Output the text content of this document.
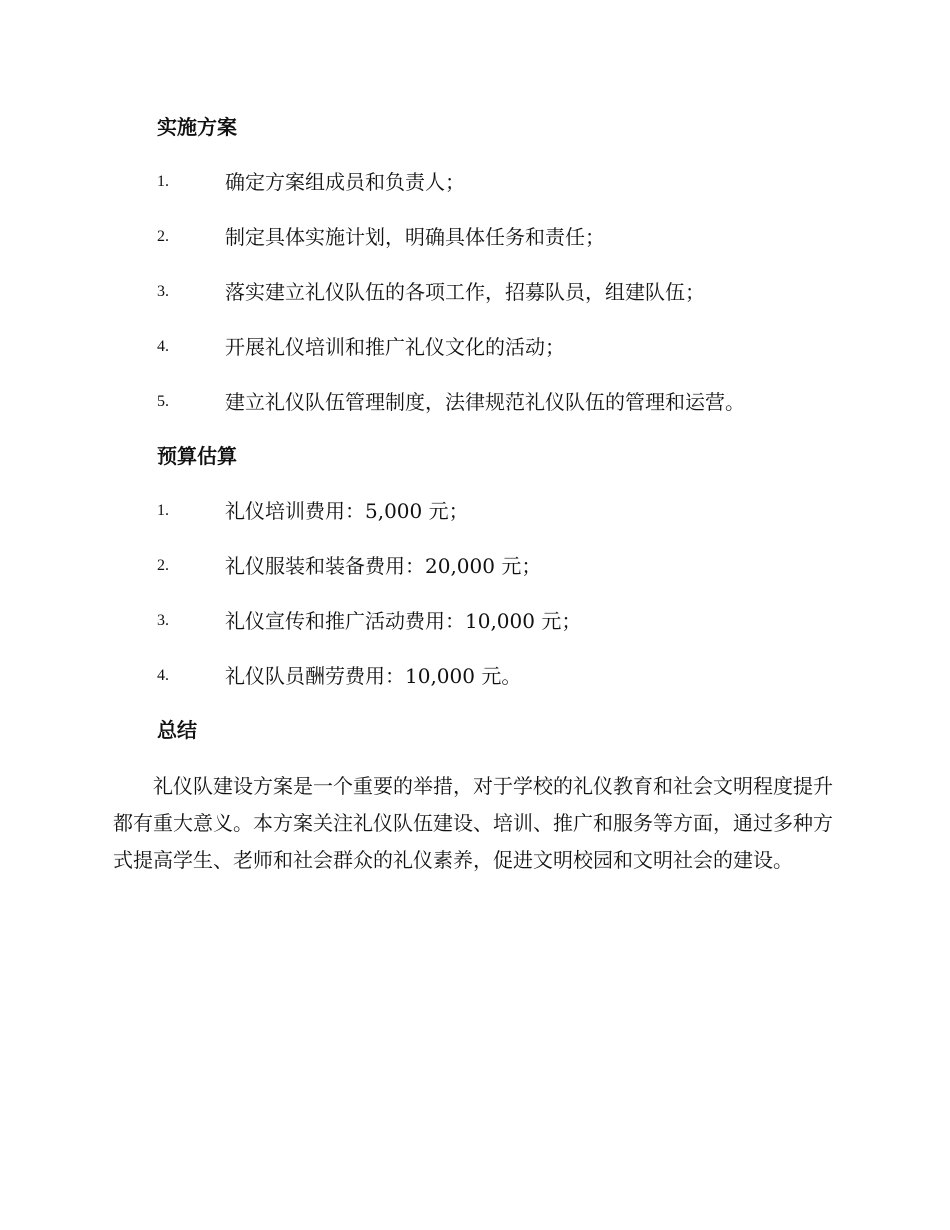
实施方案
1.	确定方案组成员和负责人；
2.	制定具体实施计划，明确具体任务和责任；
3.	落实建立礼仪队伍的各项工作，招募队员，组建队伍；
4.	开展礼仪培训和推广礼仪文化的活动；
5.	建立礼仪队伍管理制度，法律规范礼仪队伍的管理和运营。
预算估算
1.	礼仪培训费用：5,000 元；
2.	礼仪服装和装备费用：20,000 元；
3.	礼仪宣传和推广活动费用：10,000 元；
4.	礼仪队员酬劳费用：10,000 元。
总结

礼仪队建设方案是一个重要的举措，对于学校的礼仪教育和社会文明程度提升都有重大意义。本方案关注礼仪队伍建设、培训、推广和服务等方面，通过多种方式提高学生、老师和社会群众的礼仪素养，促进文明校园和文明社会的建设。
